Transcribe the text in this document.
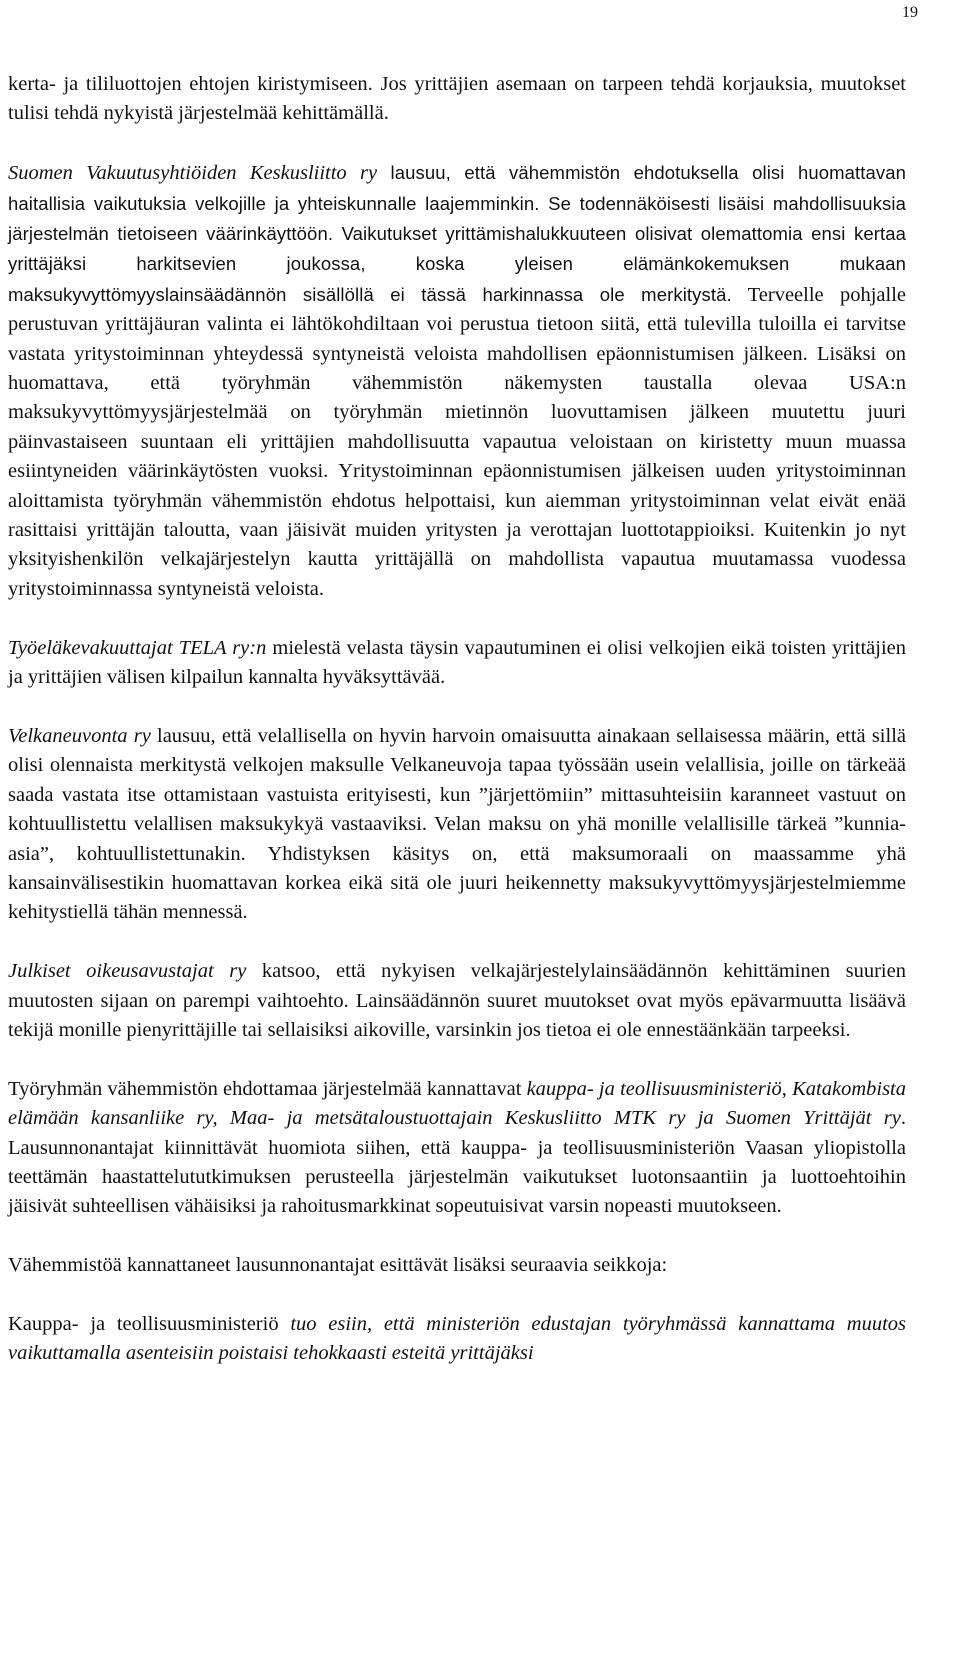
19

kerta- ja tililuottojen ehtojen kiristymiseen. Jos yrittäjien asemaan on tarpeen tehdä korjauksia, muutokset tulisi tehdä nykyistä järjestelmää kehittämällä.

Suomen Vakuutusyhtiöiden Keskusliitto ry lausuu, että vähemmistön ehdotuksella olisi huomattavan haitallisia vaikutuksia velkojille ja yhteiskunnalle laajemminkin. Se todennäköisesti lisäisi mahdollisuuksia järjestelmän tietoiseen väärinkäyttöön. Vaikutukset yrittämishalukkuuteen olisivat olemattomia ensi kertaa yrittäjäksi harkitsevien joukossa, koska yleisen elämänkokemuksen mukaan maksukyvyttömyyslainsäädännön sisällöllä ei tässä harkinnassa ole merkitystä. Terveelle pohjalle perustuvan yrittäjäuran valinta ei lähtökohdiltaan voi perustua tietoon siitä, että tulevilla tuloilla ei tarvitse vastata yritystoiminnan yhteydessä syntyneistä veloista mahdollisen epäonnistumisen jälkeen. Lisäksi on huomattava, että työryhmän vähemmistön näkemysten taustalla olevaa USA:n maksukyvyttömyysjärjestelmää on työryhmän mietinnön luovuttamisen jälkeen muutettu juuri päinvastaiseen suuntaan eli yrittäjien mahdollisuutta vapautua veloistaan on kiristetty muun muassa esiintyneiden väärinkäytösten vuoksi. Yritystoiminnan epäonnistumisen jälkeisen uuden yritystoiminnan aloittamista työryhmän vähemmistön ehdotus helpottaisi, kun aiemman yritystoiminnan velat eivät enää rasittaisi yrittäjän taloutta, vaan jäisivät muiden yritysten ja verottajan luottotappioiksi. Kuitenkin jo nyt yksityishenkilön velkajärjestelyn kautta yrittäjällä on mahdollista vapautua muutamassa vuodessa yritystoiminnassa syntyneistä veloista.

Työeläkevakuuttajat TELA ry:n mielestä velasta täysin vapautuminen ei olisi velkojien eikä toisten yrittäjien ja yrittäjien välisen kilpailun kannalta hyväksyttävää.

Velkaneuvonta ry lausuu, että velallisella on hyvin harvoin omaisuutta ainakaan sellaisessa määrin, että sillä olisi olennaista merkitystä velkojen maksulle Velkaneuvoja tapaa työssään usein velallisia, joille on tärkeää saada vastata itse ottamistaan vastuista erityisesti, kun ”järjettömiin” mittasuhteisiin karanneet vastuut on kohtuullistettu velallisen maksukykyä vastaaviksi. Velan maksu on yhä monille velallisille tärkeä ”kunnia-asia”, kohtuullistettunakin. Yhdistyksen käsitys on, että maksumoraali on maassamme yhä kansainvälisestikin huomattavan korkea eikä sitä ole juuri heikennetty maksukyvyttömyysjärjestelmiemme kehitystiellä tähän mennessä.

Julkiset oikeusavustajat ry katsoo, että nykyisen velkajärjestelylainsäädännön kehittäminen suurien muutosten sijaan on parempi vaihtoehto. Lainsäädännön suuret muutokset ovat myös epävarmuutta lisäävä tekijä monille pienyrittäjille tai sellaisiksi aikoville, varsinkin jos tietoa ei ole ennestäänkään tarpeeksi.

Työryhmän vähemmistön ehdottamaa järjestelmää kannattavat kauppa- ja teollisuusministeriö, Katakombista elämään kansanliike ry, Maa- ja metsätaloustuottajain Keskusliitto MTK ry ja Suomen Yrittäjät ry. Lausunnonantajat kiinnittävät huomiota siihen, että kauppa- ja teollisuusministeriön Vaasan yliopistolla teettämän haastattelututkimuksen perusteella järjestelmän vaikutukset luotonsaantiin ja luottoehtoihin jäisivät suhteellisen vähäisiksi ja rahoitusmarkkinat sopeutuisivat varsin nopeasti muutokseen.

Vähemmistöä kannattaneet lausunnonantajat esittävät lisäksi seuraavia seikkoja:

Kauppa- ja teollisuusministeriö tuo esiin, että ministeriön edustajan työryhmässä kannattama muutos vaikuttamalla asenteisiin poistaisi tehokkaasti esteitä yrittäjäksi
